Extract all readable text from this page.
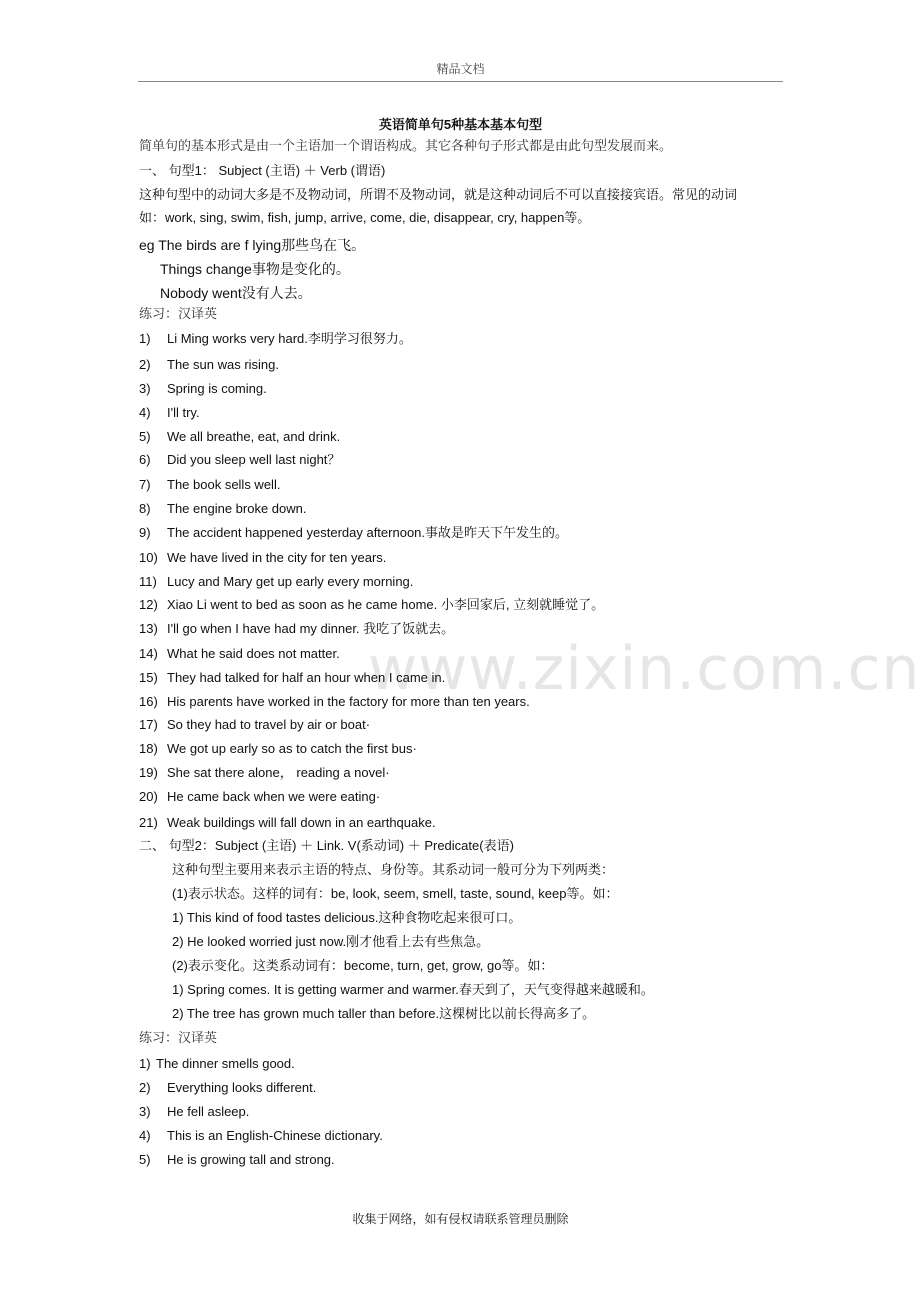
精品文档
www.zixin.com.cn
英语简单句5种基本基本句型
简单句的基本形式是由一个主语加一个谓语构成。其它各种句子形式都是由此句型发展而来。
一、 句型1： Subject (主语) ＋ Verb (谓语)
这种句型中的动词大多是不及物动词，所谓不及物动词，就是这种动词后不可以直接接宾语。常见的动词
如：work, sing, swim, fish, jump, arrive, come, die, disappear, cry, happen等。
eg The birds are f lying那些鸟在飞。
Things change事物是变化的。
Nobody went没有人去。
练习：汉译英
1) Li Ming works very hard.李明学习很努力。
2) The sun was rising.
3) Spring is coming.
4) I'll try.
5) We all breathe, eat, and drink.
6) Did you sleep well last night？
7) The book sells well.
8) The engine broke down.
9) The accident happened yesterday afternoon.事故是昨天下午发生的。
10) We have lived in the city for ten years.
11) Lucy and Mary get up early every morning.
12) Xiao Li went to bed as soon as he came home. 小李回家后, 立刻就睡觉了。
13) I'll go when I have had my dinner. 我吃了饭就去。
14) What he said does not matter.
15) They had talked for half an hour when I came in.
16) His parents have worked in the factory for more than ten years.
17) So they had to travel by air or boat·
18) We got up early so as to catch the first bus·
19) She sat there alone， reading a novel·
20) He came back when we were eating·
21) Weak buildings will fall down in an earthquake.
二、 句型2：Subject (主语) ＋ Link. V(系动词) ＋ Predicate(表语)
这种句型主要用来表示主语的特点、身份等。其系动词一般可分为下列两类：
(1)表示状态。这样的词有：be, look, seem, smell, taste, sound, keep等。如：
1) This kind of food tastes delicious.这种食物吃起来很可口。
2) He looked worried just now.刚才他看上去有些焦急。
(2)表示变化。这类系动词有：become, turn, get, grow, go等。如：
1) Spring comes. It is getting warmer and warmer.春天到了，天气变得越来越暖和。
2) The tree has grown much taller than before.这棵树比以前长得高多了。
练习：汉译英
1) The dinner smells good.
2) Everything looks different.
3) He fell asleep.
4) This is an English-Chinese dictionary.
5) He is growing tall and strong.
收集于网络，如有侵权请联系管理员删除
